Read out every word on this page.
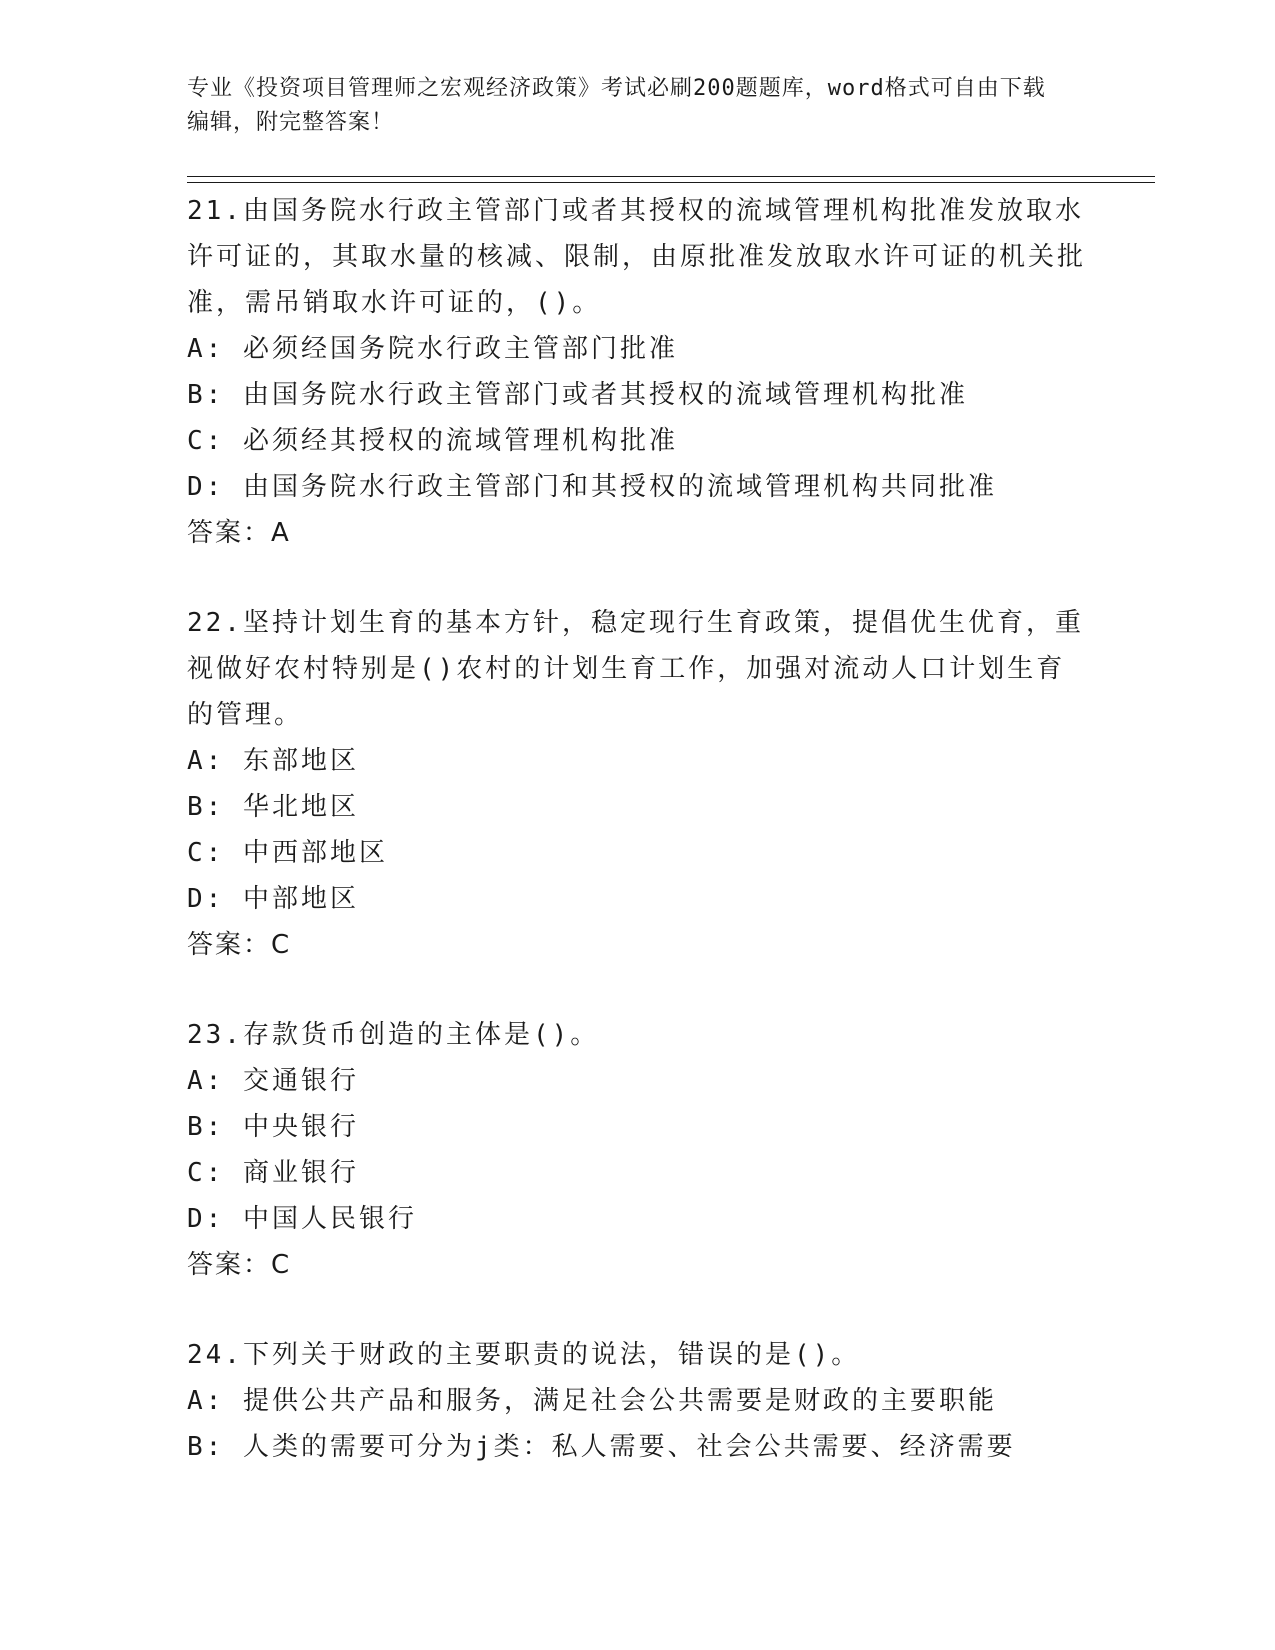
专业《投资项目管理师之宏观经济政策》考试必刷200题题库，word格式可自由下载编辑，附完整答案！

21.由国务院水行政主管部门或者其授权的流域管理机构批准发放取水许可证的，其取水量的核减、限制，由原批准发放取水许可证的机关批准，需吊销取水许可证的，()。

A: 必须经国务院水行政主管部门批准

B: 由国务院水行政主管部门或者其授权的流域管理机构批准

C: 必须经其授权的流域管理机构批准

D: 由国务院水行政主管部门和其授权的流域管理机构共同批准

答案：A

22.坚持计划生育的基本方针，稳定现行生育政策，提倡优生优育，重视做好农村特别是()农村的计划生育工作，加强对流动人口计划生育的管理。

A: 东部地区

B: 华北地区

C: 中西部地区

D: 中部地区

答案：C

23.存款货币创造的主体是()。

A: 交通银行

B: 中央银行

C: 商业银行

D: 中国人民银行

答案：C

24.下列关于财政的主要职责的说法，错误的是()。

A: 提供公共产品和服务，满足社会公共需要是财政的主要职能

B: 人类的需要可分为j类：私人需要、社会公共需要、经济需要
